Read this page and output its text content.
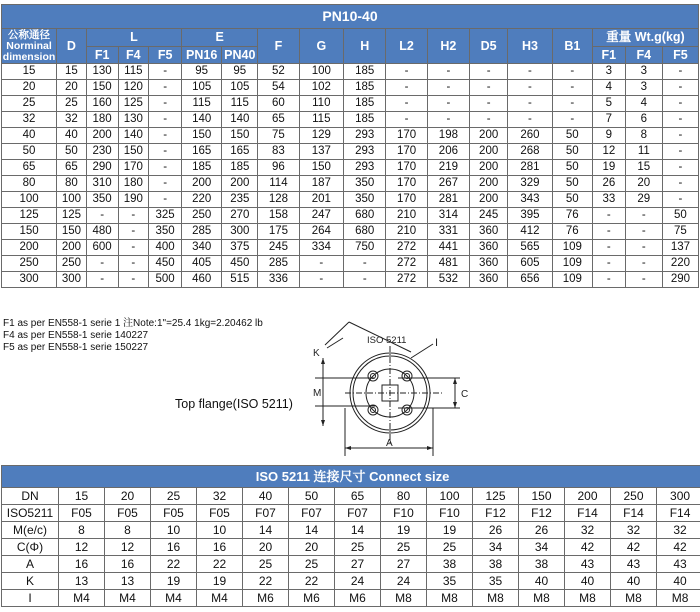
PN10-40																	
公称通径
Norminal
dimension	D	L			E		F	G	H	L2	H2	D5	H3	B1	重量 Wt.g(kg)		
		F1	F4	F5	PN16	PN40									F1	F4	F5
15	15	130	115	-	95	95	52	100	185	-	-	-	-	-	3	3	-
20	20	150	120	-	105	105	54	102	185	-	-	-	-	-	4	3	-
25	25	160	125	-	115	115	60	110	185	-	-	-	-	-	5	4	-
32	32	180	130	-	140	140	65	115	185	-	-	-	-	-	7	6	-
40	40	200	140	-	150	150	75	129	293	170	198	200	260	50	9	8	-
50	50	230	150	-	165	165	83	137	293	170	206	200	268	50	12	11	-
65	65	290	170	-	185	185	96	150	293	170	219	200	281	50	19	15	-
80	80	310	180	-	200	200	114	187	350	170	267	200	329	50	26	20	-
100	100	350	190	-	220	235	128	201	350	170	281	200	343	50	33	29	-
125	125	-	-	325	250	270	158	247	680	210	314	245	395	76	-	-	50
150	150	480	-	350	285	300	175	264	680	210	331	360	412	76	-	-	75
200	200	600	-	400	340	375	245	334	750	272	441	360	565	109	-	-	137
250	250	-	-	450	405	450	285	-	-	272	481	360	605	109	-	-	220
300	300	-	-	500	460	515	336	-	-	272	532	360	656	109	-	-	290
F1 as per EN558-1 serie 1 注Note:1"=25.4 1kg=2.20462 lb
F4 as per EN558-1 serie 140227
F5 as per EN558-1 serie 150227
Top flange(ISO 5211)
ISO 5211
K
M	C
A
I
ISO 5211 连接尺寸 Connect size														
DN	15	20	25	32	40	50	65	80	100	125	150	200	250	300
ISO5211	F05	F05	F05	F05	F07	F07	F07	F10	F10	F12	F12	F14	F14	F14
M(e/c)	8	8	10	10	14	14	14	19	19	26	26	32	32	32
C(Φ)	12	12	16	16	20	20	25	25	25	34	34	42	42	42
A	16	16	22	22	25	25	27	27	38	38	38	43	43	43
K	13	13	19	19	22	22	24	24	35	35	40	40	40	40
I	M4	M4	M4	M4	M6	M6	M6	M8	M8	M8	M8	M8	M8	M8
